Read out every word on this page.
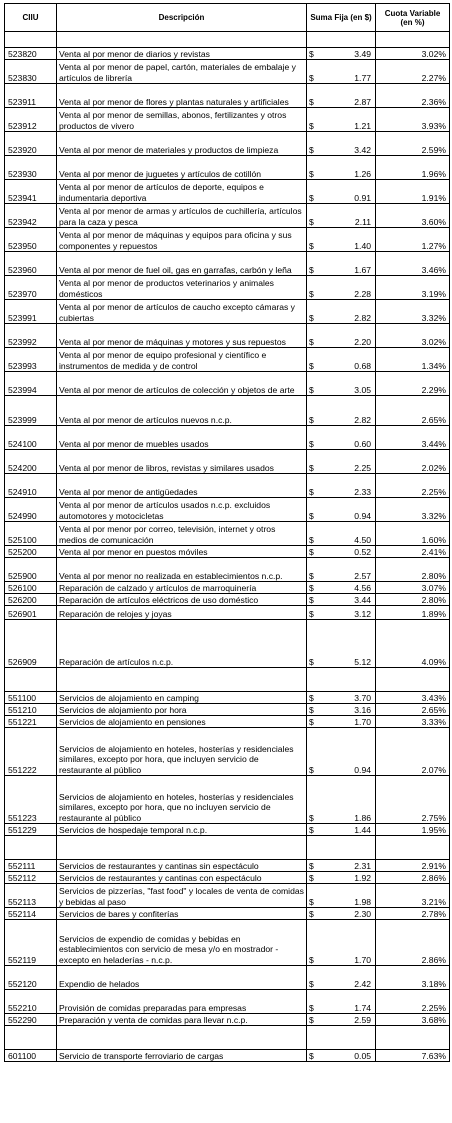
CIIU	Descripción	Suma Fija (en $)		Cuota Variable (en %)

523820	Venta al por menor de diarios y revistas	$	3.49	3.02%
523830	Venta al por menor de papel, cartón, materiales de embalaje y artículos de librería	$	1.77	2.27%
523911	Venta al por menor de flores y plantas naturales y artificiales	$	2.87	2.36%
523912	Venta al por menor de semillas, abonos, fertilizantes y otros productos de vivero	$	1.21	3.93%
523920	Venta al por menor de materiales y productos de limpieza	$	3.42	2.59%
523930	Venta al por menor de juguetes y artículos de cotillón	$	1.26	1.96%
523941	Venta al por menor de artículos de deporte, equipos e indumentaria deportiva	$	0.91	1.91%
523942	Venta al por menor de armas y artículos de cuchillería, artículos para la caza y pesca	$	2.11	3.60%
523950	Venta al por menor de máquinas y equipos para oficina y sus componentes y repuestos	$	1.40	1.27%
523960	Venta al por menor de fuel oil, gas en garrafas, carbón y leña	$	1.67	3.46%
523970	Venta al por menor de productos veterinarios y animales domésticos	$	2.28	3.19%
523991	Venta al por menor de artículos de caucho excepto cámaras y cubiertas	$	2.82	3.32%
523992	Venta al por menor de máquinas y motores y sus repuestos	$	2.20	3.02%
523993	Venta al por menor de equipo profesional y científico e instrumentos de medida y de control	$	0.68	1.34%
523994	Venta al por menor de artículos de colección y objetos de arte	$	3.05	2.29%
523999	Venta al por menor de artículos nuevos n.c.p.	$	2.82	2.65%
524100	Venta al por menor de muebles usados	$	0.60	3.44%
524200	Venta al por menor de libros, revistas y similares usados	$	2.25	2.02%
524910	Venta al por menor de antigüedades	$	2.33	2.25%
524990	Venta al por menor de artículos usados n.c.p. excluidos automotores y motocicletas	$	0.94	3.32%
525100	Venta al por menor por correo, televisión, internet y otros medios de comunicación	$	4.50	1.60%
525200	Venta al por menor en puestos móviles	$	0.52	2.41%
525900	Venta al por menor no realizada en establecimientos n.c.p.	$	2.57	2.80%
526100	Reparación de calzado y artículos de marroquinería	$	4.56	3.07%
526200	Reparación de artículos eléctricos de uso doméstico	$	3.44	2.80%
526901	Reparación de relojes y joyas	$	3.12	1.89%
526909	Reparación de artículos n.c.p.	$	5.12	4.09%

551100	Servicios de alojamiento en camping	$	3.70	3.43%
551210	Servicios de alojamiento por hora	$	3.16	2.65%
551221	Servicios de alojamiento en pensiones	$	1.70	3.33%
551222	Servicios de alojamiento en hoteles, hosterías y residenciales similares, excepto por hora, que incluyen servicio de restaurante al público	$	0.94	2.07%
551223	Servicios de alojamiento en hoteles, hosterías y residenciales similares, excepto por hora, que no incluyen servicio de restaurante al público	$	1.86	2.75%
551229	Servicios de hospedaje temporal n.c.p.	$	1.44	1.95%

552111	Servicios de restaurantes y cantinas sin espectáculo	$	2.31	2.91%
552112	Servicios de restaurantes y cantinas con espectáculo	$	1.92	2.86%
552113	Servicios de pizzerías, "fast food" y locales de venta de comidas y bebidas al paso	$	1.98	3.21%
552114	Servicios de bares y confiterías	$	2.30	2.78%
552119	Servicios de expendio de comidas y bebidas en establecimientos con servicio de mesa y/o en mostrador - excepto en heladerías - n.c.p.	$	1.70	2.86%
552120	Expendio de helados	$	2.42	3.18%
552210	Provisión de comidas preparadas para empresas	$	1.74	2.25%
552290	Preparación y venta de comidas para llevar n.c.p.	$	2.59	3.68%

601100	Servicio de transporte ferroviario de cargas	$	0.05	7.63%
